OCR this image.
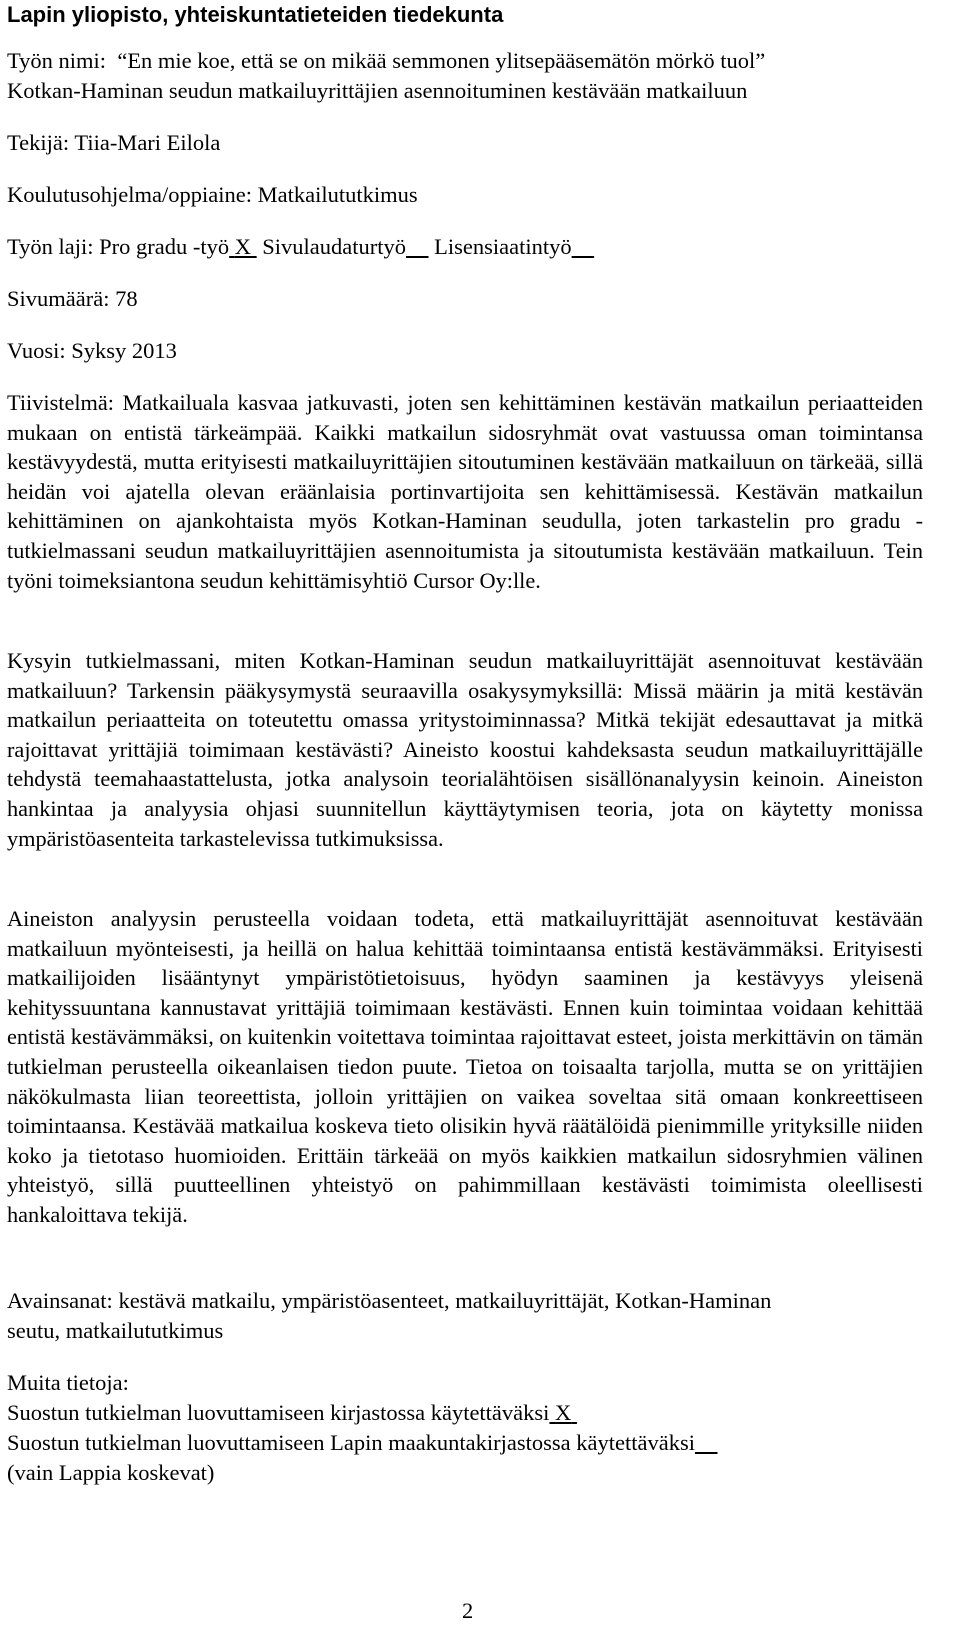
Lapin yliopisto, yhteiskuntatieteiden tiedekunta
Työn nimi:  “En mie koe, että se on mikää semmonen ylitsepääsemätön mörkö tuol”
Kotkan-Haminan seudun matkailuyrittäjien asennoituminen kestävään matkailuun
Tekijä: Tiia-Mari Eilola
Koulutusohjelma/oppiaine: Matkailututkimus
Työn laji: Pro gradu -työ X Sivulaudaturtyö Lisensiaatintyö
Sivumäärä: 78
Vuosi: Syksy 2013

Tiivistelmä: Matkailuala kasvaa jatkuvasti, joten sen kehittäminen kestävän matkailun periaatteiden mukaan on entistä tärkeämpää. Kaikki matkailun sidosryhmät ovat vastuussa oman toimintansa kestävyydestä, mutta erityisesti matkailuyrittäjien sitoutuminen kestävään matkailuun on tärkeää, sillä heidän voi ajatella olevan eräänlaisia portinvartijoita sen kehittämisessä. Kestävän matkailun kehittäminen on ajankohtaista myös Kotkan-Haminan seudulla, joten tarkastelin pro gradu -tutkielmassani seudun matkailuyrittäjien asennoitumista ja sitoutumista kestävään matkailuun. Tein työni toimeksiantona seudun kehittämisyhtiö Cursor Oy:lle.

Kysyin tutkielmassani, miten Kotkan-Haminan seudun matkailuyrittäjät asennoituvat kestävään matkailuun? Tarkensin pääkysymystä seuraavilla osakysymyksillä: Missä määrin ja mitä kestävän matkailun periaatteita on toteutettu omassa yritystoiminnassa? Mitkä tekijät edesauttavat ja mitkä rajoittavat yrittäjiä toimimaan kestävästi? Aineisto koostui kahdeksasta seudun matkailuyrittäjälle tehdystä teemahaastattelusta, jotka analysoin teorialähtöisen sisällönanalyysin keinoin. Aineiston hankintaa ja analyysia ohjasi suunnitellun käyttäytymisen teoria, jota on käytetty monissa ympäristöasenteita tarkastelevissa tutkimuksissa.

Aineiston analyysin perusteella voidaan todeta, että matkailuyrittäjät asennoituvat kestävään matkailuun myönteisesti, ja heillä on halua kehittää toimintaansa entistä kestävämmäksi. Erityisesti matkailijoiden lisääntynyt ympäristötietoisuus, hyödyn saaminen ja kestävyys yleisenä kehityssuuntana kannustavat yrittäjiä toimimaan kestävästi. Ennen kuin toimintaa voidaan kehittää entistä kestävämmäksi, on kuitenkin voitettava toimintaa rajoittavat esteet, joista merkittävin on tämän tutkielman perusteella oikeanlaisen tiedon puute. Tietoa on toisaalta tarjolla, mutta se on yrittäjien näkökulmasta liian teoreettista, jolloin yrittäjien on vaikea soveltaa sitä omaan konkreettiseen toimintaansa. Kestävää matkailua koskeva tieto olisikin hyvä räätälöidä pienimmille yrityksille niiden koko ja tietotaso huomioiden. Erittäin tärkeää on myös kaikkien matkailun sidosryhmien välinen yhteistyö, sillä puutteellinen yhteistyö on pahimmillaan kestävästi toimimista oleellisesti hankaloittava tekijä.

Avainsanat: kestävä matkailu, ympäristöasenteet, matkailuyrittäjät, Kotkan-Haminan
seutu, matkailututkimus
Muita tietoja:
Suostun tutkielman luovuttamiseen kirjastossa käytettäväksi X
Suostun tutkielman luovuttamiseen Lapin maakuntakirjastossa käytettäväksi
(vain Lappia koskevat)
2
